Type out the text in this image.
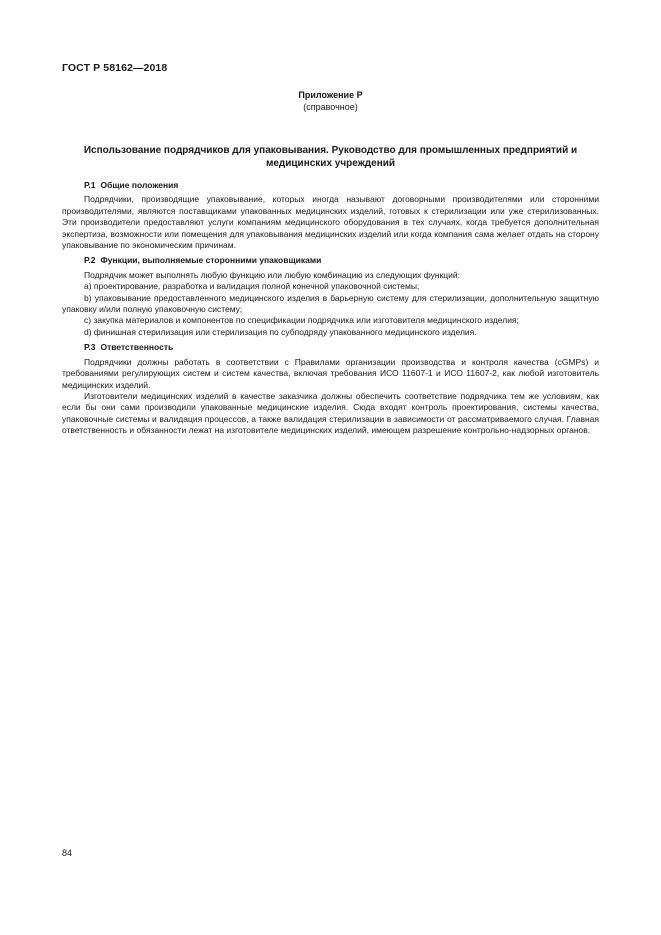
ГОСТ Р 58162—2018
Приложение Р
(справочное)
Использование подрядчиков для упаковывания. Руководство для промышленных предприятий и медицинских учреждений
Р.1 Общие положения

Подрядчики, производящие упаковывание, которых иногда называют договорными производителями или сторонними производителями, являются поставщиками упакованных медицинских изделий, готовых к стерилизации или уже стерилизованных. Эти производители предоставляют услуги компаниям медицинского оборудования в тех случаях, когда требуется дополнительная экспертиза, возможности или помещения для упаковывания медицинских изделий или когда компания сама желает отдать на сторону упаковывание по экономическим причинам.

Р.2 Функции, выполняемые сторонними упаковщиками

Подрядчик может выполнять любую функцию или любую комбинацию из следующих функций:

а) проектирование, разработка и валидация полной конечной упаковочной системы;

b) упаковывание предоставленного медицинского изделия в барьерную систему для стерилизации, дополнительную защитную упаковку и/или полную упаковочную систему;

с) закупка материалов и компонентов по спецификации подрядчика или изготовителя медицинского изделия;

d) финишная стерилизация или стерилизация по субподряду упакованного медицинского изделия.

Р.3 Ответственность

Подрядчики должны работать в соответствии с Правилами организации производства и контроля качества (cGMPs) и требованиями регулирующих систем и систем качества, включая требования ИСО 11607-1 и ИСО 11607-2, как любой изготовитель медицинских изделий.

Изготовители медицинских изделий в качестве заказчика должны обеспечить соответствие подрядчика тем же условиям, как если бы они сами производили упакованные медицинские изделия. Сюда входят контроль проектирования, системы качества, упаковочные системы и валидация процессов, а также валидация стерилизации в зависимости от рассматриваемого случая. Главная ответственность и обязанности лежат на изготовителе медицинских изделий, имеющем разрешение контрольно-надзорных органов.

84
